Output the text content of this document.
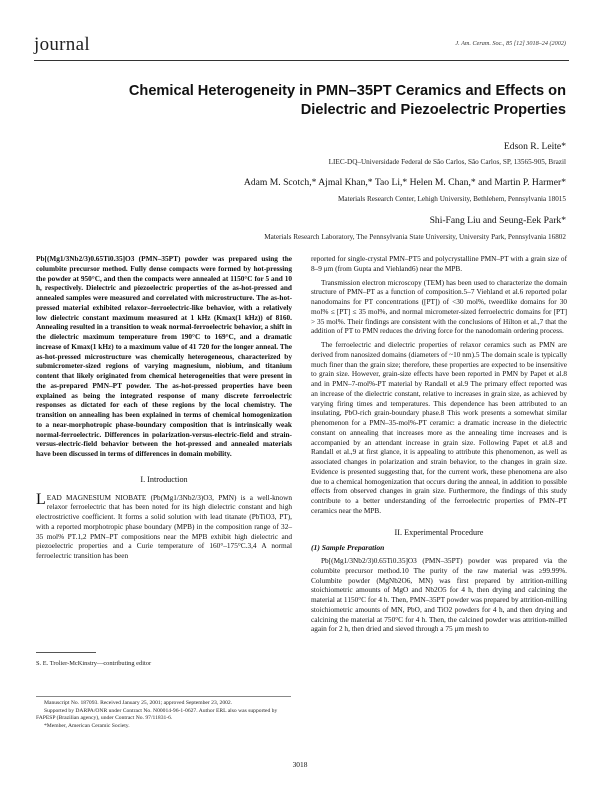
journal	J. Am. Ceram. Soc., 85 [12] 3018–24 (2002)
Chemical Heterogeneity in PMN–35PT Ceramics and Effects on
Dielectric and Piezoelectric Properties
Edson R. Leite*
LIEC-DQ–Universidade Federal de São Carlos, São Carlos, SP, 13565-905, Brazil
Adam M. Scotch,* Ajmal Khan,* Tao Li,* Helen M. Chan,* and Martin P. Harmer*
Materials Research Center, Lehigh University, Bethlehem, Pennsylvania 18015
Shi-Fang Liu and Seung-Eek Park*
Materials Research Laboratory, The Pennsylvania State University, University Park, Pennsylvania 16802

Pb[(Mg1/3Nb2/3)0.65Ti0.35]O3 (PMN–35PT) powder was prepared using the columbite precursor method. Fully dense compacts were formed by hot-pressing the powder at 950°C, and then the compacts were annealed at 1150°C for 5 and 10 h, respectively. Dielectric and piezoelectric properties of the as-hot-pressed and annealed samples were measured and correlated with microstructure. The as-hot-pressed material exhibited relaxor–ferroelectric-like behavior, with a relatively low dielectric constant maximum measured at 1 kHz (Kmax(1 kHz)) of 8160. Annealing resulted in a transition to weak normal-ferroelectric behavior, a shift in the dielectric maximum temperature from 190°C to 169°C, and a dramatic increase of Kmax(1 kHz) to a maximum value of 41 720 for the longer anneal. The as-hot-pressed microstructure was chemically heterogeneous, characterized by submicrometer-sized regions of varying magnesium, niobium, and titanium content that likely originated from chemical heterogeneities that were present in the as-prepared PMN–PT powder. The as-hot-pressed properties have been explained as being the integrated response of many discrete ferroelectric responses as dictated for each of these regions by the local chemistry. The transition on annealing has been explained in terms of chemical homogenization to a near-morphotropic phase-boundary composition that is intrinsically weak normal-ferroelectric. Differences in polarization-versus-electric-field and strain-versus-electric-field behavior between the hot-pressed and annealed materials have been discussed in terms of differences in domain mobility.

I. Introduction

LEAD MAGNESIUM NIOBATE (Pb(Mg1/3Nb2/3)O3, PMN) is a well-known relaxor ferroelectric that has been noted for its high dielectric constant and high electrostrictive coefficient. It forms a solid solution with lead titanate (PbTiO3, PT), with a reported morphotropic phase boundary (MPB) in the composition range of 32–35 mol% PT.1,2 PMN–PT compositions near the MPB exhibit high dielectric and piezoelectric properties and a Curie temperature of 160°–175°C.3,4 A normal ferroelectric transition has been

S. E. Trolier-McKinstry—contributing editor

Manuscript No. 187093. Received January 25, 2001; approved September 23, 2002.

Supported by DARPA/ONR under Contract No. N00014-96-1-0627. Author ERL also was supported by FAPESP (Brazilian agency), under Contract No. 97/11831-6.

*Member, American Ceramic Society.

reported for single-crystal PMN–PT5 and polycrystalline PMN–PT with a grain size of 8–9 μm (from Gupta and Viehland6) near the MPB.

Transmission electron microscopy (TEM) has been used to characterize the domain structure of PMN–PT as a function of composition.5–7 Viehland et al.6 reported polar nanodomains for PT concentrations ([PT]) of <30 mol%, tweedlike domains for 30 mol% ≤ [PT] ≤ 35 mol%, and normal micrometer-sized ferroelectric domains for [PT] > 35 mol%. Their findings are consistent with the conclusions of Hilton et al.,7 that the addition of PT to PMN reduces the driving force for the nanodomain ordering process.

The ferroelectric and dielectric properties of relaxor ceramics such as PMN are derived from nanosized domains (diameters of ~10 nm).5 The domain scale is typically much finer than the grain size; therefore, these properties are expected to be insensitive to grain size. However, grain-size effects have been reported in PMN by Papet et al.8 and in PMN–7-mol%-PT material by Randall et al.9 The primary effect reported was an increase of the dielectric constant, relative to increases in grain size, as achieved by varying firing times and temperatures. This dependence has been attributed to an insulating, PbO-rich grain-boundary phase.8 This work presents a somewhat similar phenomenon for a PMN–35-mol%-PT ceramic: a dramatic increase in the dielectric constant on annealing that increases more as the annealing time increases and is accompanied by an attendant increase in grain size. Following Papet et al.8 and Randall et al.,9 at first glance, it is appealing to attribute this phenomenon, as well as associated changes in polarization and strain behavior, to the changes in grain size. Evidence is presented suggesting that, for the current work, these phenomena are also due to a chemical homogenization that occurs during the anneal, in addition to possible effects from observed changes in grain size. Furthermore, the findings of this study contribute to a better understanding of the ferroelectric properties of PMN–PT ceramics near the MPB.

II. Experimental Procedure

(1) Sample Preparation

Pb[(Mg1/3Nb2/3)0.65Ti0.35]O3 (PMN–35PT) powder was prepared via the columbite precursor method.10 The purity of the raw material was ≥99.99%. Columbite powder (MgNb2O6, MN) was first prepared by attrition-milling stoichiometric amounts of MgO and Nb2O5 for 4 h, then drying and calcining the material at 1150°C for 4 h. Then, PMN–35PT powder was prepared by attrition-milling stoichiometric amounts of MN, PbO, and TiO2 powders for 4 h, and then drying and calcining the material at 750°C for 4 h. Then, the calcined powder was attrition-milled again for 2 h, then dried and sieved through a 75 μm mesh to

3018
